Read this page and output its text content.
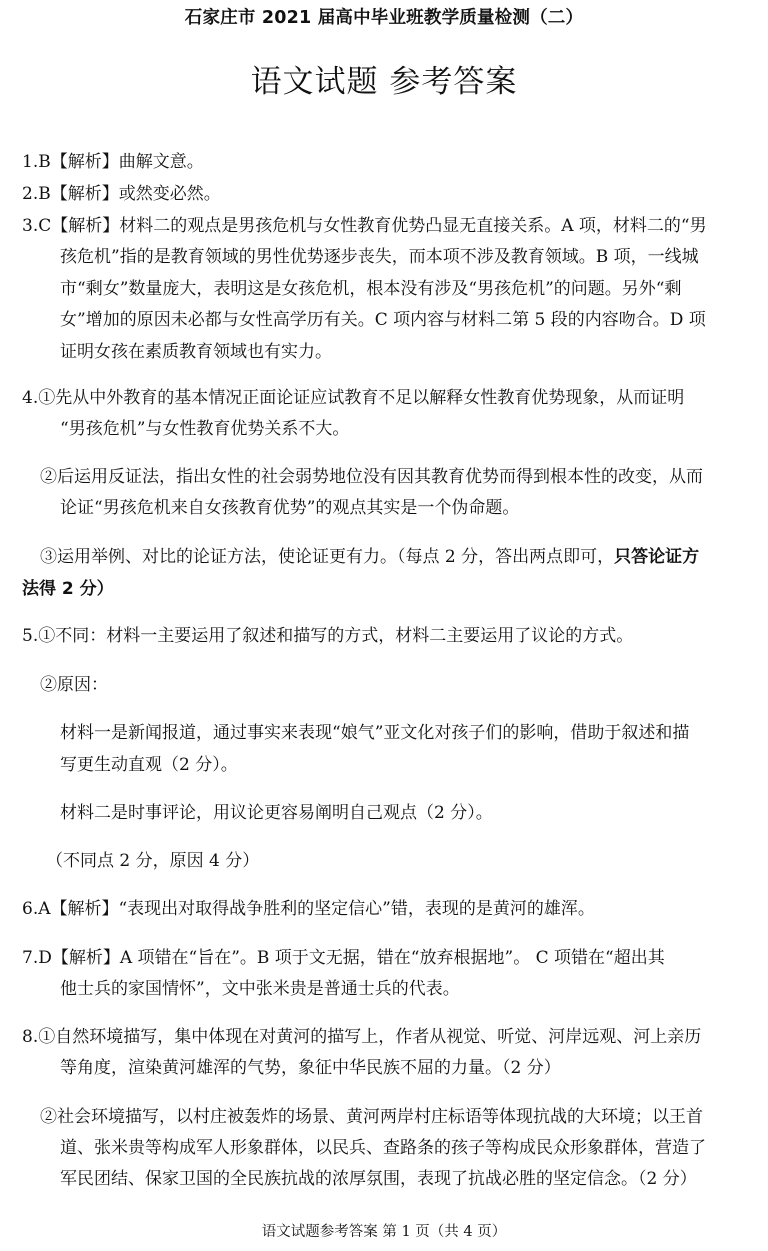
石家庄市 2021 届高中毕业班教学质量检测（二）
语文试题 参考答案
1.B【解析】曲解文意。
2.B【解析】或然变必然。
3.C【解析】材料二的观点是男孩危机与女性教育优势凸显无直接关系。A 项，材料二的“男
孩危机”指的是教育领域的男性优势逐步丧失，而本项不涉及教育领域。B 项，一线城
市“剩女”数量庞大，表明这是女孩危机，根本没有涉及“男孩危机”的问题。另外“剩
女”增加的原因未必都与女性高学历有关。C 项内容与材料二第 5 段的内容吻合。D 项
证明女孩在素质教育领域也有实力。
4.①先从中外教育的基本情况正面论证应试教育不足以解释女性教育优势现象，从而证明
“男孩危机”与女性教育优势关系不大。
②后运用反证法，指出女性的社会弱势地位没有因其教育优势而得到根本性的改变，从而
论证“男孩危机来自女孩教育优势”的观点其实是一个伪命题。
③运用举例、对比的论证方法，使论证更有力。（每点 2 分，答出两点即可，只答论证方
法得 2 分）
5.①不同：材料一主要运用了叙述和描写的方式，材料二主要运用了议论的方式。
②原因：
材料一是新闻报道，通过事实来表现“娘气”亚文化对孩子们的影响，借助于叙述和描
写更生动直观（2 分）。
材料二是时事评论，用议论更容易阐明自己观点（2 分）。
（不同点 2 分，原因 4 分）
6.A【解析】“表现出对取得战争胜利的坚定信心”错，表现的是黄河的雄浑。
7.D【解析】A 项错在“旨在”。B 项于文无据，错在“放弃根据地”。 C 项错在“超出其
他士兵的家国情怀”，文中张米贵是普通士兵的代表。
8.①自然环境描写，集中体现在对黄河的描写上，作者从视觉、听觉、河岸远观、河上亲历
等角度，渲染黄河雄浑的气势，象征中华民族不屈的力量。（2 分）
②社会环境描写，以村庄被轰炸的场景、黄河两岸村庄标语等体现抗战的大环境；以王首
道、张米贵等构成军人形象群体，以民兵、查路条的孩子等构成民众形象群体，营造了
军民团结、保家卫国的全民族抗战的浓厚氛围，表现了抗战必胜的坚定信念。（2 分）
语文试题参考答案 第 1 页（共 4 页）
